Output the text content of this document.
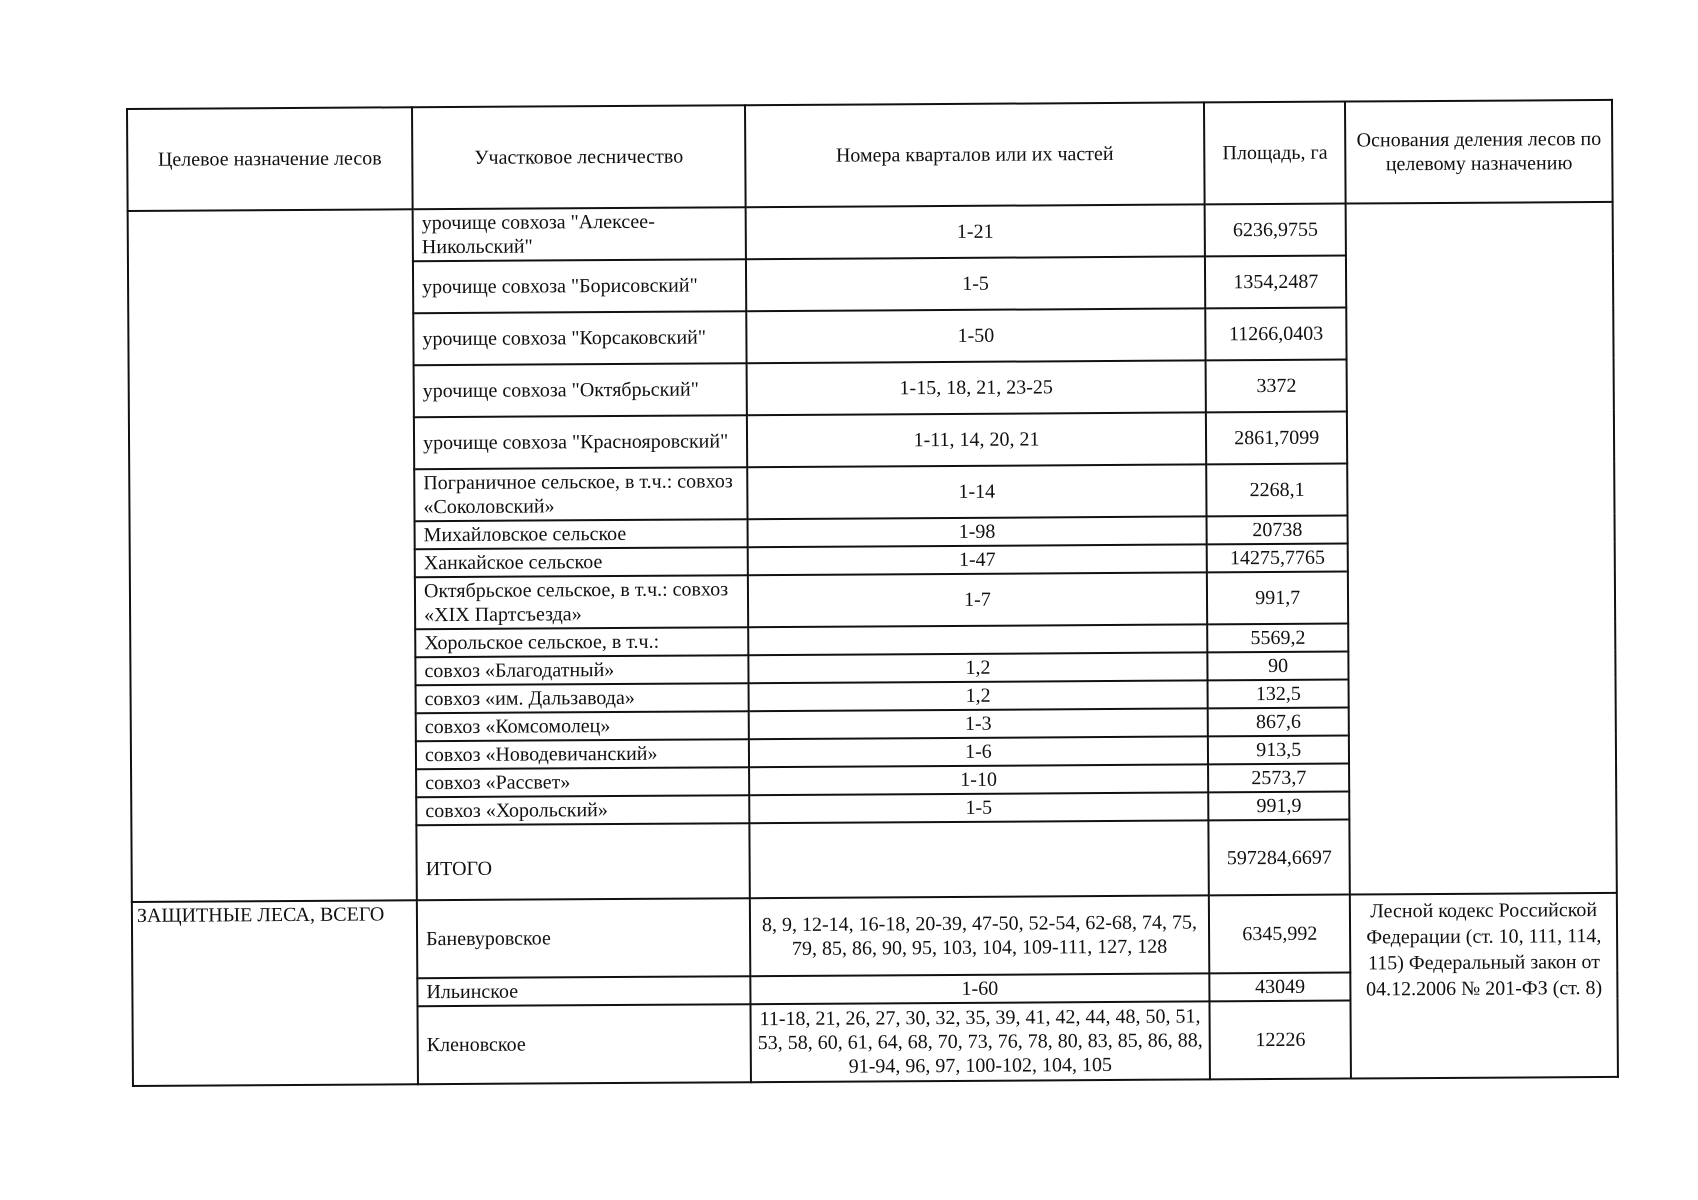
Целевое назначение лесов	Участковое лесничество	Номера кварталов или их частей	Площадь, га	Основания деления лесов по целевому назначению
	урочище совхоза "Алексее-Никольский"	1-21	6236,9755	
	урочище совхоза "Борисовский"	1-5	1354,2487	
	урочище совхоза "Корсаковский"	1-50	11266,0403	
	урочище совхоза "Октябрьский"	1-15, 18, 21, 23-25	3372	
	урочище совхоза "Краснояровский"	1-11, 14, 20, 21	2861,7099	
	Пограничное сельское, в т.ч.: совхоз «Соколовский»	1-14	2268,1	
	Михайловское сельское	1-98	20738	
	Ханкайское сельское	1-47	14275,7765	
	Октябрьское сельское, в т.ч.: совхоз «XIX Партсъезда»	1-7	991,7	
	Хорольское сельское, в т.ч.:		5569,2	
	совхоз «Благодатный»	1,2	90	
	совхоз «им. Дальзавода»	1,2	132,5	
	совхоз «Комсомолец»	1-3	867,6	
	совхоз «Новодевичанский»	1-6	913,5	
	совхоз «Рассвет»	1-10	2573,7	
	совхоз «Хорольский»	1-5	991,9	
	ИТОГО		597284,6697	
ЗАЩИТНЫЕ ЛЕСА, ВСЕГО	Баневуровское	8, 9, 12-14, 16-18, 20-39, 47-50, 52-54, 62-68, 74, 75, 79, 85, 86, 90, 95, 103, 104, 109-111, 127, 128	6345,992	Лесной кодекс Российской Федерации (ст. 10, 111, 114, 115) Федеральный закон от 04.12.2006 № 201-ФЗ (ст. 8)

	Ильинское	1-60	43049	
	Кленовское	11-18, 21, 26, 27, 30, 32, 35, 39, 41, 42, 44, 48, 50, 51, 53, 58, 60, 61, 64, 68, 70, 73, 76, 78, 80, 83, 85, 86, 88, 91-94, 96, 97, 100-102, 104, 105	12226	
